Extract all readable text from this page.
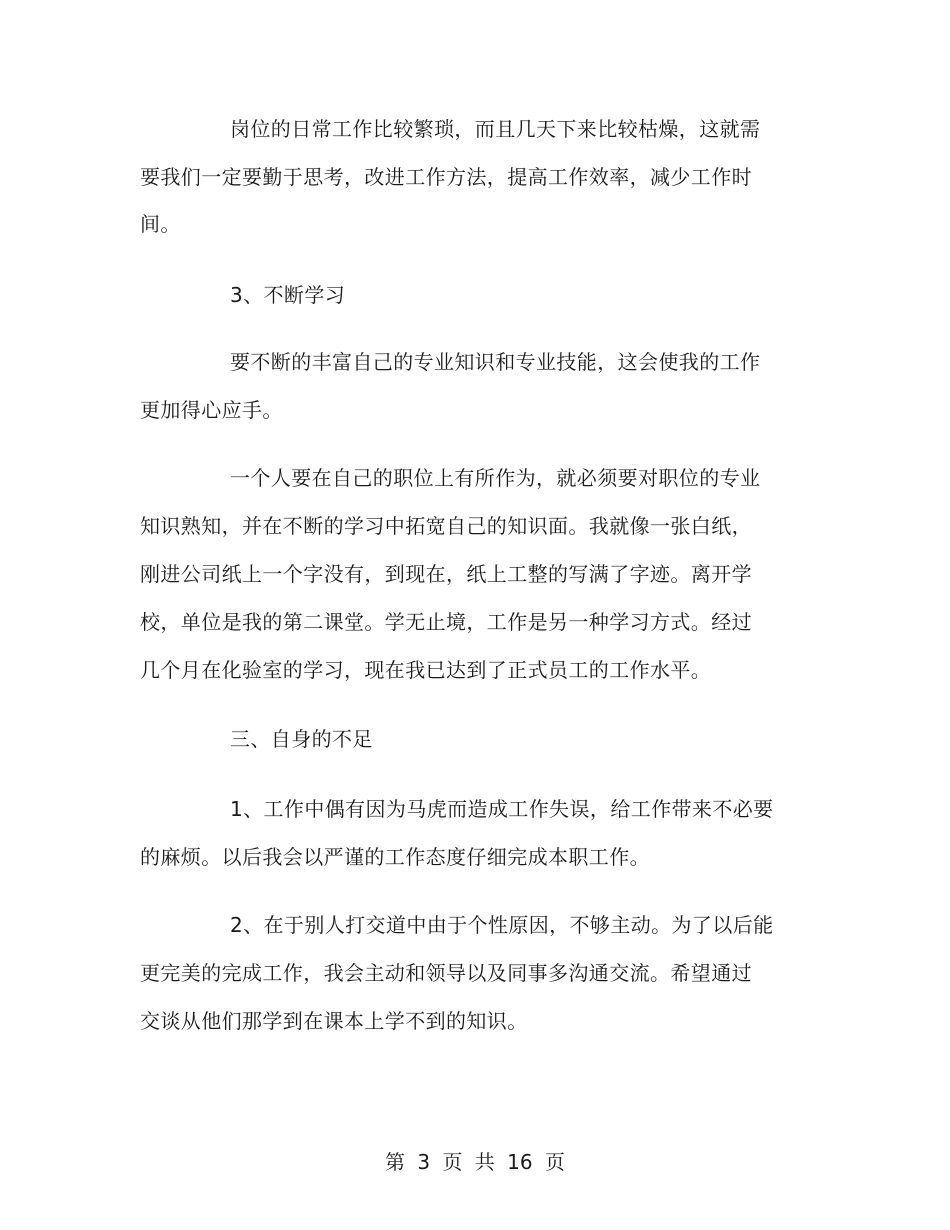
岗位的日常工作比较繁琐，而且几天下来比较枯燥，这就需
要我们一定要勤于思考，改进工作方法，提高工作效率，减少工作时
间。
3、不断学习
要不断的丰富自己的专业知识和专业技能，这会使我的工作
更加得心应手。
一个人要在自己的职位上有所作为，就必须要对职位的专业
知识熟知，并在不断的学习中拓宽自己的知识面。我就像一张白纸，
刚进公司纸上一个字没有，到现在，纸上工整的写满了字迹。离开学
校，单位是我的第二课堂。学无止境，工作是另一种学习方式。经过
几个月在化验室的学习，现在我已达到了正式员工的工作水平。
三、自身的不足
1、工作中偶有因为马虎而造成工作失误，给工作带来不必要
的麻烦。以后我会以严谨的工作态度仔细完成本职工作。
2、在于别人打交道中由于个性原因，不够主动。为了以后能
更完美的完成工作，我会主动和领导以及同事多沟通交流。希望通过
交谈从他们那学到在课本上学不到的知识。
第 3 页 共 16 页
